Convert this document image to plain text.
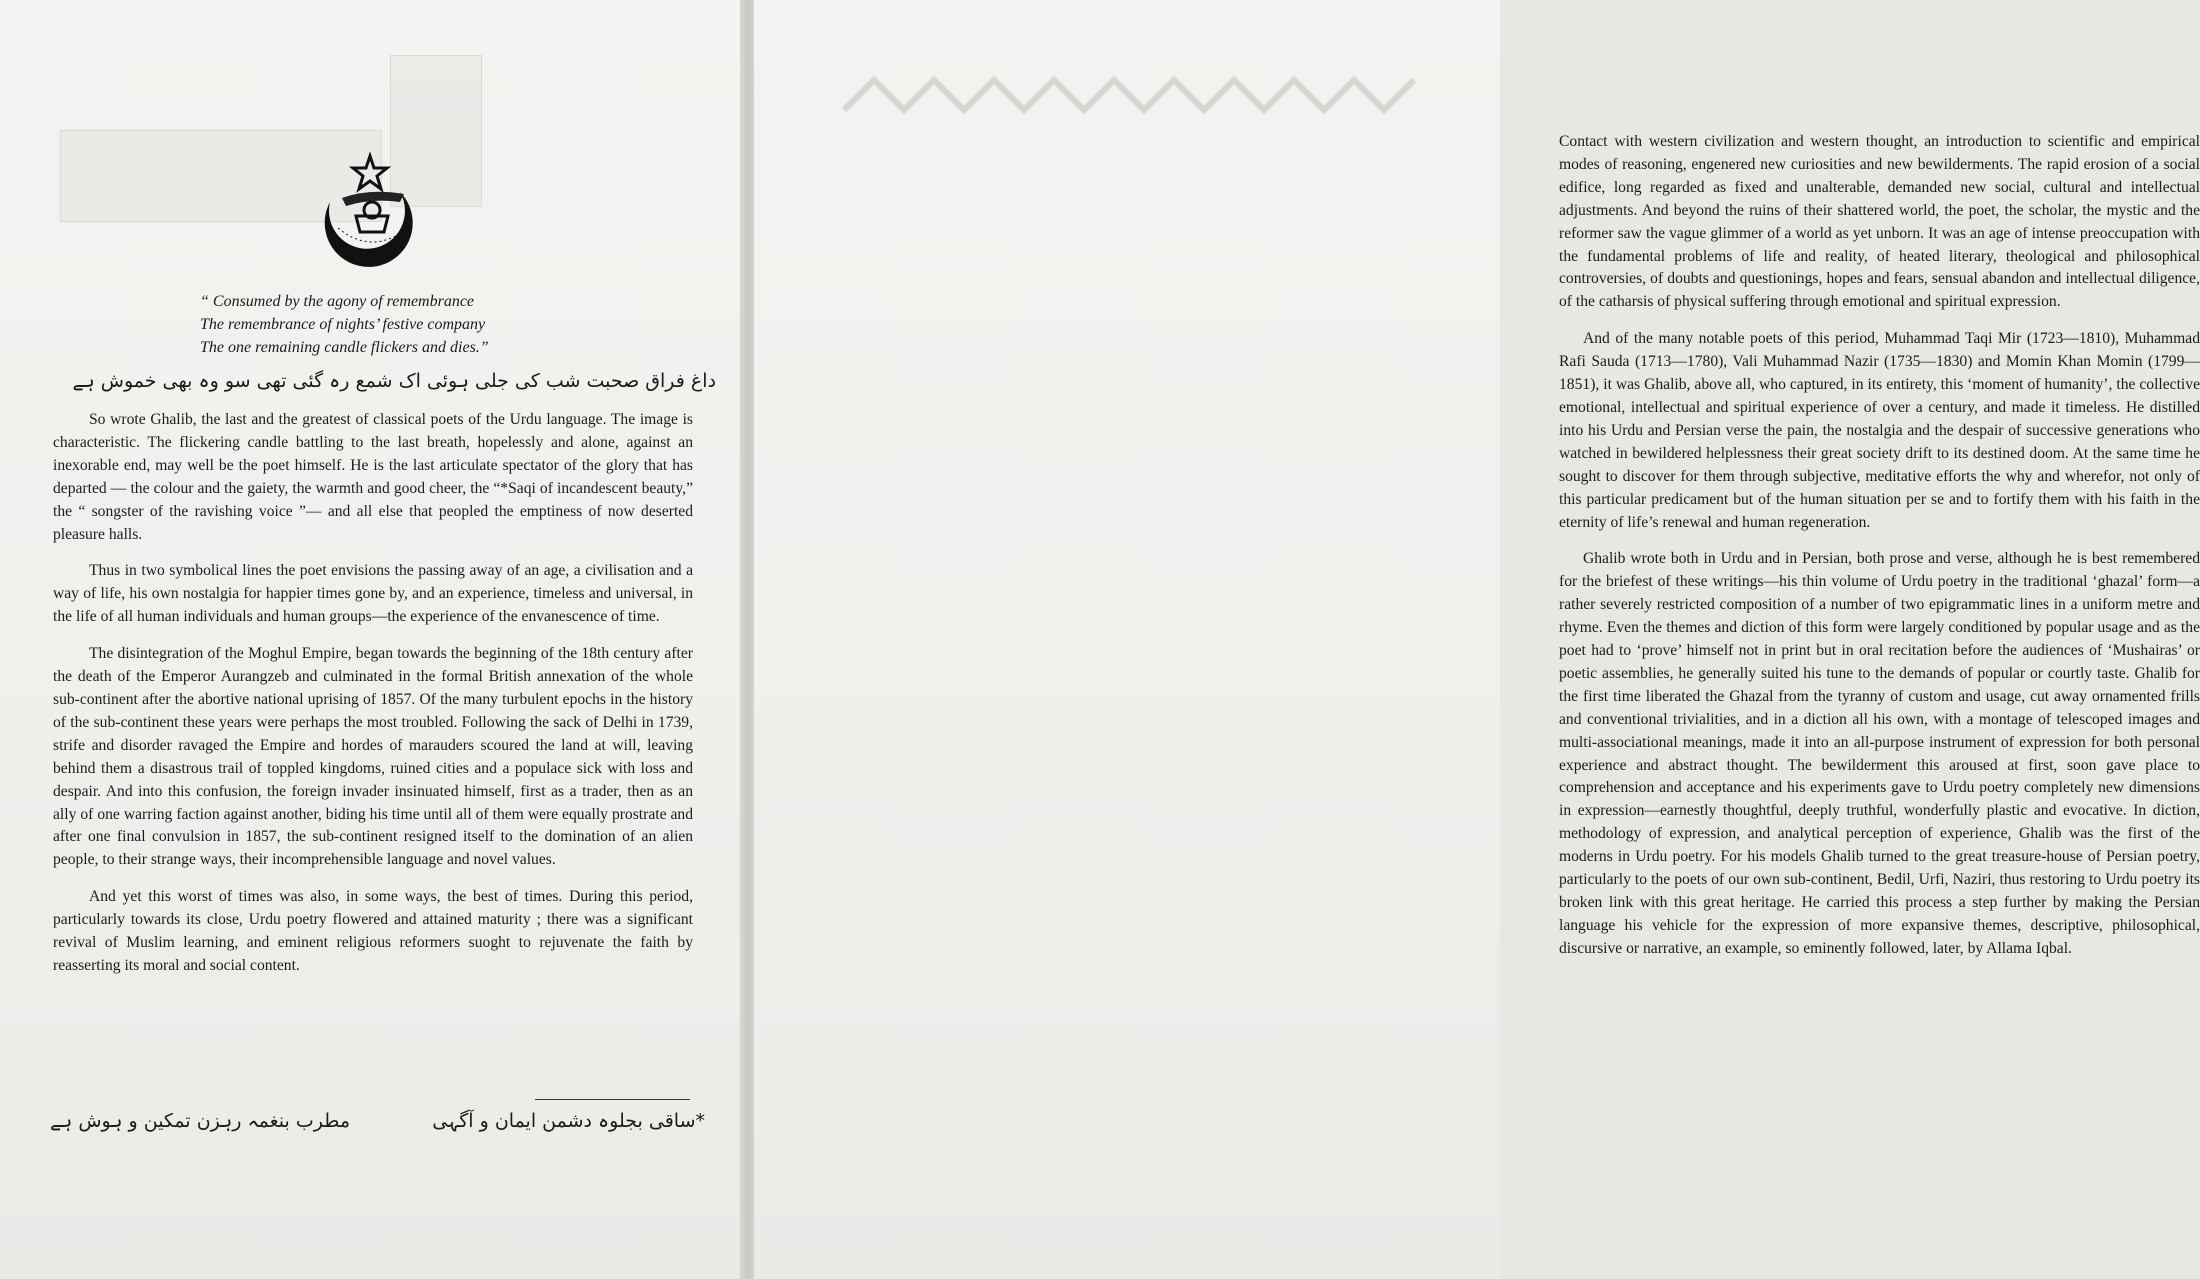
“ Consumed by the agony of remembrance
The remembrance of nights’ festive company
The one remaining candle flickers and dies.”
داغ فراق صحبت شب کی جلی ہوئی اک شمع رہ گئی تھی سو وہ بھی خموش ہے

So wrote Ghalib, the last and the greatest of classical poets of the Urdu language. The image is characteristic. The flickering candle battling to the last breath, hopelessly and alone, against an inexorable end, may well be the poet himself. He is the last articulate spectator of the glory that has departed — the colour and the gaiety, the warmth and good cheer, the “*Saqi of incandescent beauty,” the “ songster of the ravishing voice ”— and all else that peopled the emptiness of now deserted pleasure halls.

Thus in two symbolical lines the poet envisions the passing away of an age, a civilisation and a way of life, his own nostalgia for happier times gone by, and an experience, timeless and universal, in the life of all human individuals and human groups—the experience of the envanescence of time.

The disintegration of the Moghul Empire, began towards the beginning of the 18th century after the death of the Emperor Aurangzeb and culminated in the formal British annexation of the whole sub-continent after the abortive national uprising of 1857. Of the many turbulent epochs in the history of the sub-continent these years were perhaps the most troubled. Following the sack of Delhi in 1739, strife and disorder ravaged the Empire and hordes of marauders scoured the land at will, leaving behind them a disastrous trail of toppled kingdoms, ruined cities and a populace sick with loss and despair. And into this confusion, the foreign invader insinuated himself, first as a trader, then as an ally of one warring faction against another, biding his time until all of them were equally prostrate and after one final convulsion in 1857, the sub-continent resigned itself to the domination of an alien people, to their strange ways, their incomprehensible language and novel values.

And yet this worst of times was also, in some ways, the best of times. During this period, particularly towards its close, Urdu poetry flowered and attained maturity ; there was a significant revival of Muslim learning, and eminent religious reformers suoght to rejuvenate the faith by reasserting its moral and social content.

*ساقی بجلوہ دشمن ایمان و آگہی
مطرب بنغمہ رہزن تمکین و ہوش ہے

Contact with western civilization and western thought, an introduction to scientific and empirical modes of reasoning, engenered new curiosities and new bewilderments. The rapid erosion of a social edifice, long regarded as fixed and unalterable, demanded new social, cultural and intellectual adjustments. And beyond the ruins of their shattered world, the poet, the scholar, the mystic and the reformer saw the vague glimmer of a world as yet unborn. It was an age of intense preoccupation with the fundamental problems of life and reality, of heated literary, theological and philosophical controversies, of doubts and questionings, hopes and fears, sensual abandon and intellectual diligence, of the catharsis of physical suffering through emotional and spiritual expression.

And of the many notable poets of this period, Muhammad Taqi Mir (1723—1810), Muhammad Rafi Sauda (1713—1780), Vali Muhammad Nazir (1735—1830) and Momin Khan Momin (1799—1851), it was Ghalib, above all, who captured, in its entirety, this ‘moment of humanity’, the collective emotional, intellectual and spiritual experience of over a century, and made it timeless. He distilled into his Urdu and Persian verse the pain, the nostalgia and the despair of successive generations who watched in bewildered helplessness their great society drift to its destined doom. At the same time he sought to discover for them through subjective, meditative efforts the why and wherefor, not only of this particular predicament but of the human situation per se and to fortify them with his faith in the eternity of life’s renewal and human regeneration.

Ghalib wrote both in Urdu and in Persian, both prose and verse, although he is best remembered for the briefest of these writings—his thin volume of Urdu poetry in the traditional ‘ghazal’ form—a rather severely restricted composition of a number of two epigrammatic lines in a uniform metre and rhyme. Even the themes and diction of this form were largely conditioned by popular usage and as the poet had to ‘prove’ himself not in print but in oral recitation before the audiences of ‘Mushairas’ or poetic assemblies, he generally suited his tune to the demands of popular or courtly taste. Ghalib for the first time liberated the Ghazal from the tyranny of custom and usage, cut away ornamented frills and conventional trivialities, and in a diction all his own, with a montage of telescoped images and multi-associational meanings, made it into an all-purpose instrument of expression for both personal experience and abstract thought. The bewilderment this aroused at first, soon gave place to comprehension and acceptance and his experiments gave to Urdu poetry completely new dimensions in expression—earnestly thoughtful, deeply truthful, wonderfully plastic and evocative. In diction, methodology of expression, and analytical perception of experience, Ghalib was the first of the moderns in Urdu poetry. For his models Ghalib turned to the great treasure-house of Persian poetry, particularly to the poets of our own sub-continent, Bedil, Urfi, Naziri, thus restoring to Urdu poetry its broken link with this great heritage. He carried this process a step further by making the Persian language his vehicle for the expression of more expansive themes, descriptive, philosophical, discursive or narrative, an example, so eminently followed, later, by Allama Iqbal.
